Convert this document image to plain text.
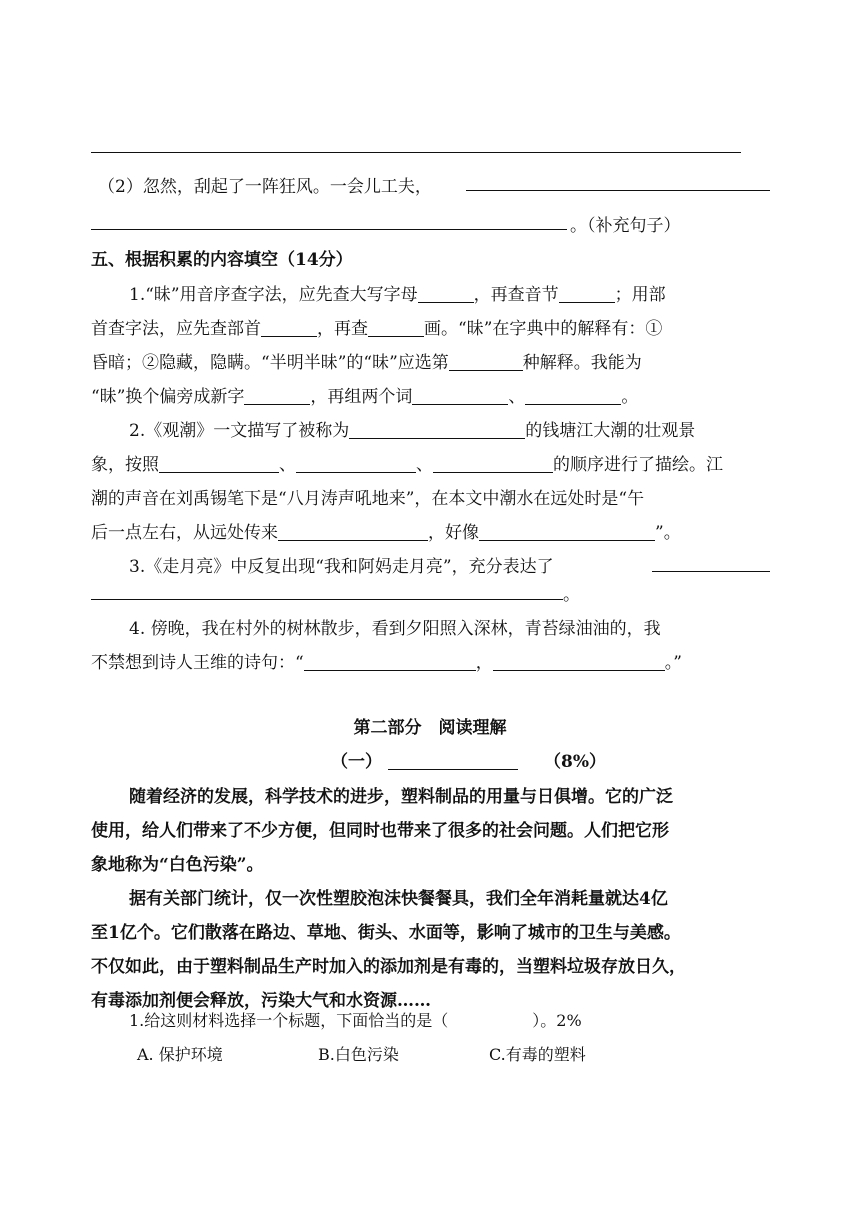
（2）忽然，刮起了一阵狂风。一会儿工夫，
。（补充句子）
五、根据积累的内容填空（14分）
1.“昧”用音序查字法，应先查大写字母	，再查音节	；用部
首查字法，应先查部首	，再查	画。“昧”在字典中的解释有：①
昏暗；②隐藏，隐瞒。“半明半昧”的“昧”应选第	种解释。我能为
“昧”换个偏旁成新字	，再组两个词	、	。
2.《观潮》一文描写了被称为	的钱塘江大潮的壮观景
象，按照	、	、	的顺序进行了描绘。江
潮的声音在刘禹锡笔下是“八月涛声吼地来”，在本文中潮水在远处时是“午
后一点左右，从远处传来	，好像	”。
3.《走月亮》中反复出现“我和阿妈走月亮”，充分表达了
。
4. 傍晚，我在村外的树林散步，看到夕阳照入深林，青苔绿油油的，我
不禁想到诗人王维的诗句：“	，	。”
第二部分　阅读理解
（一）	（8%）
随着经济的发展，科学技术的进步，塑料制品的用量与日俱增。它的广泛
使用，给人们带来了不少方便，但同时也带来了很多的社会问题。人们把它形
象地称为“白色污染”。
据有关部门统计，仅一次性塑胶泡沫快餐餐具，我们全年消耗量就达4亿
至1亿个。它们散落在路边、草地、街头、水面等，影响了城市的卫生与美感。
不仅如此，由于塑料制品生产时加入的添加剂是有毒的，当塑料垃圾存放日久，
有毒添加剂便会释放，污染大气和水资源……
1.给这则材料选择一个标题，下面恰当的是（	）。2%
A. 保护环境	B.白色污染	C.有毒的塑料
